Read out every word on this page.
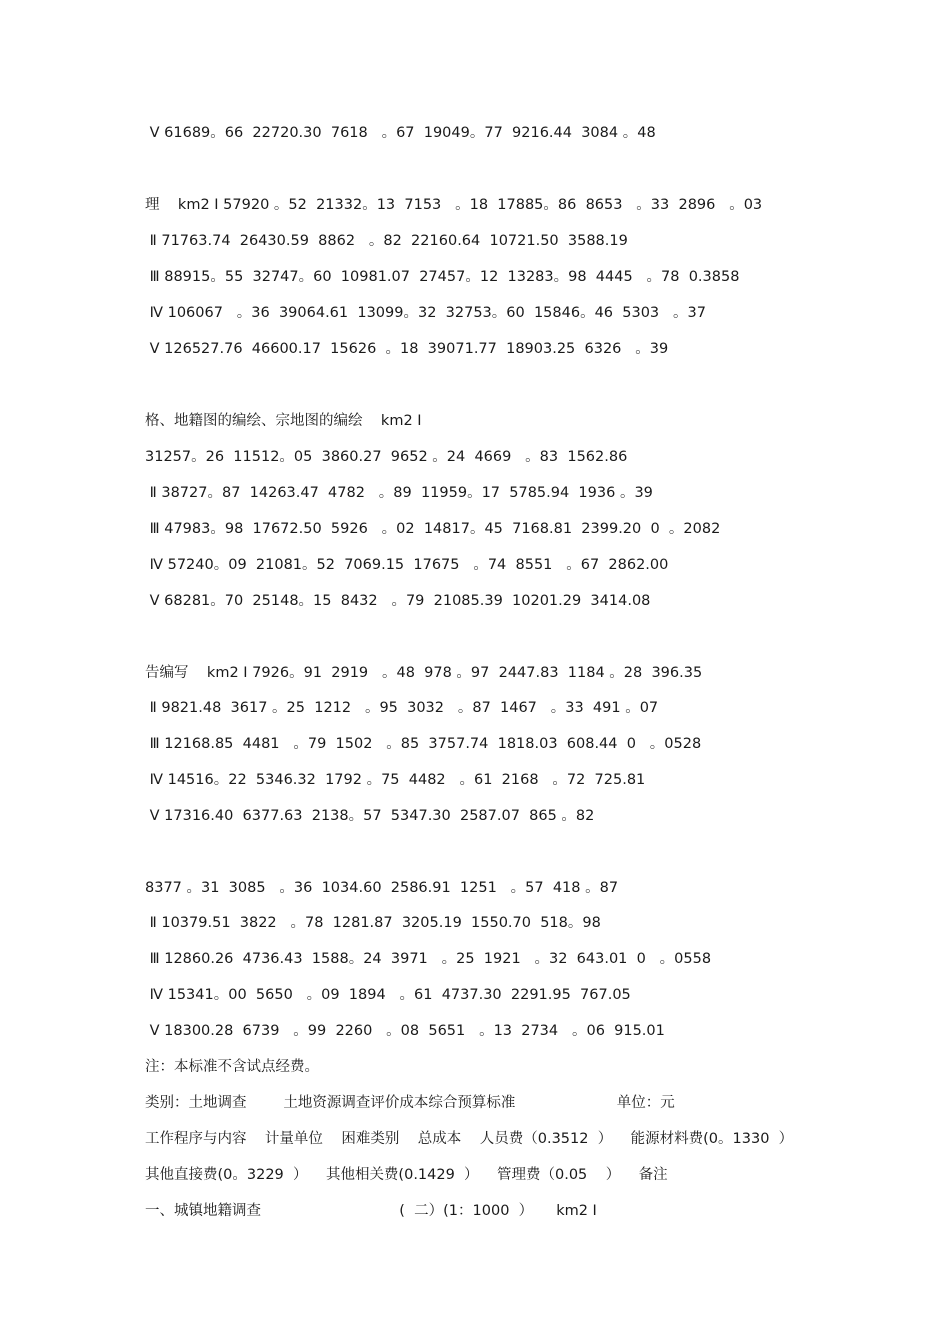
Ⅴ 61689。66  22720.30  7618   。67  19049。77  9216.44  3084 。48

理    km2 Ⅰ 57920 。52  21332。13  7153   。18  17885。86  8653   。33  2896   。03
Ⅱ 71763.74  26430.59  8862   。82  22160.64  10721.50  3588.19
Ⅲ 88915。55  32747。60  10981.07  27457。12  13283。98  4445   。78  0.3858
Ⅳ 106067   。36  39064.61  13099。32  32753。60  15846。46  5303   。37
Ⅴ 126527.76  46600.17  15626  。18  39071.77  18903.25  6326   。39

格、地籍图的编绘、宗地图的编绘    km2 Ⅰ
31257。26  11512。05  3860.27  9652 。24  4669   。83  1562.86
Ⅱ 38727。87  14263.47  4782   。89  11959。17  5785.94  1936 。39
Ⅲ 47983。98  17672.50  5926   。02  14817。45  7168.81  2399.20  0  。2082
Ⅳ 57240。09  21081。52  7069.15  17675   。74  8551   。67  2862.00
Ⅴ 68281。70  25148。15  8432   。79  21085.39  10201.29  3414.08

告编写    km2 Ⅰ 7926。91  2919   。48  978 。97  2447.83  1184 。28  396.35
Ⅱ 9821.48  3617 。25  1212   。95  3032   。87  1467   。33  491 。07
Ⅲ 12168.85  4481   。79  1502   。85  3757.74  1818.03  608.44  0   。0528
Ⅳ 14516。22  5346.32  1792 。75  4482   。61  2168   。72  725.81
Ⅴ 17316.40  6377.63  2138。57  5347.30  2587.07  865 。82

8377 。31  3085   。36  1034.60  2586.91  1251   。57  418 。87
Ⅱ 10379.51  3822   。78  1281.87  3205.19  1550.70  518。98
Ⅲ 12860.26  4736.43  1588。24  3971   。25  1921   。32  643.01  0   。0558
Ⅳ 15341。00  5650   。09  1894   。61  4737.30  2291.95  767.05
Ⅴ 18300.28  6739   。99  2260   。08  5651   。13  2734   。06  915.01
注：本标准不含试点经费。
类别：土地调查        土地资源调查评价成本综合预算标准                      单位：元
工作程序与内容    计量单位    困难类别    总成本    人员费（0.3512  ）    能源材料费(0。1330  ）
其他直接费(0。3229  ）    其他相关费(0.1429  ）    管理费（0.05    ）    备注
一、城镇地籍调查                              (  二）(1：1000  ）     km2 Ⅰ
